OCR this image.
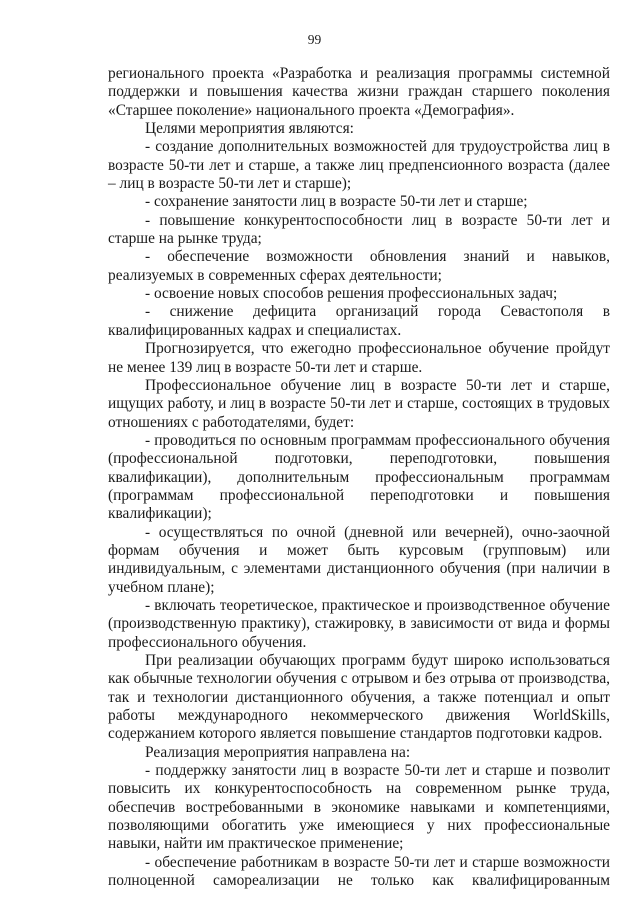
99

регионального проекта «Разработка и реализация программы системной поддержки и повышения качества жизни граждан старшего поколения «Старшее поколение» национального проекта «Демография».

Целями мероприятия являются:

- создание дополнительных возможностей для трудоустройства лиц в возрасте 50-ти лет и старше, а также лиц предпенсионного возраста (далее – лиц в возрасте 50-ти лет и старше);

- сохранение занятости лиц в возрасте 50-ти лет и старше;

- повышение конкурентоспособности лиц в возрасте 50-ти лет и старше на рынке труда;

- обеспечение возможности обновления знаний и навыков, реализуемых в современных сферах деятельности;

- освоение новых способов решения профессиональных задач;

- снижение дефицита организаций города Севастополя в квалифицированных кадрах и специалистах.

Прогнозируется, что ежегодно профессиональное обучение пройдут не менее 139 лиц в возрасте 50-ти лет и старше.

Профессиональное обучение лиц в возрасте 50-ти лет и старше, ищущих работу, и лиц в возрасте 50-ти лет и старше, состоящих в трудовых отношениях с работодателями, будет:

- проводиться по основным программам профессионального обучения (профессиональной подготовки, переподготовки, повышения квалификации), дополнительным профессиональным программам (программам профессиональной переподготовки и повышения квалификации);

- осуществляться по очной (дневной или вечерней), очно-заочной формам обучения и может быть курсовым (групповым) или индивидуальным, с элементами дистанционного обучения (при наличии в учебном плане);

- включать теоретическое, практическое и производственное обучение (производственную практику), стажировку, в зависимости от вида и формы профессионального обучения.

При реализации обучающих программ будут широко использоваться как обычные технологии обучения с отрывом и без отрыва от производства, так и технологии дистанционного обучения, а также потенциал и опыт работы международного некоммерческого движения WorldSkills, содержанием которого является повышение стандартов подготовки кадров.

Реализация мероприятия направлена на:

- поддержку занятости лиц в возрасте 50-ти лет и старше и позволит повысить их конкурентоспособность на современном рынке труда, обеспечив востребованными в экономике навыками и компетенциями, позволяющими обогатить уже имеющиеся у них профессиональные навыки, найти им практическое применение;

- обеспечение работникам в возрасте 50-ти лет и старше возможности полноценной самореализации не только как квалифицированным
